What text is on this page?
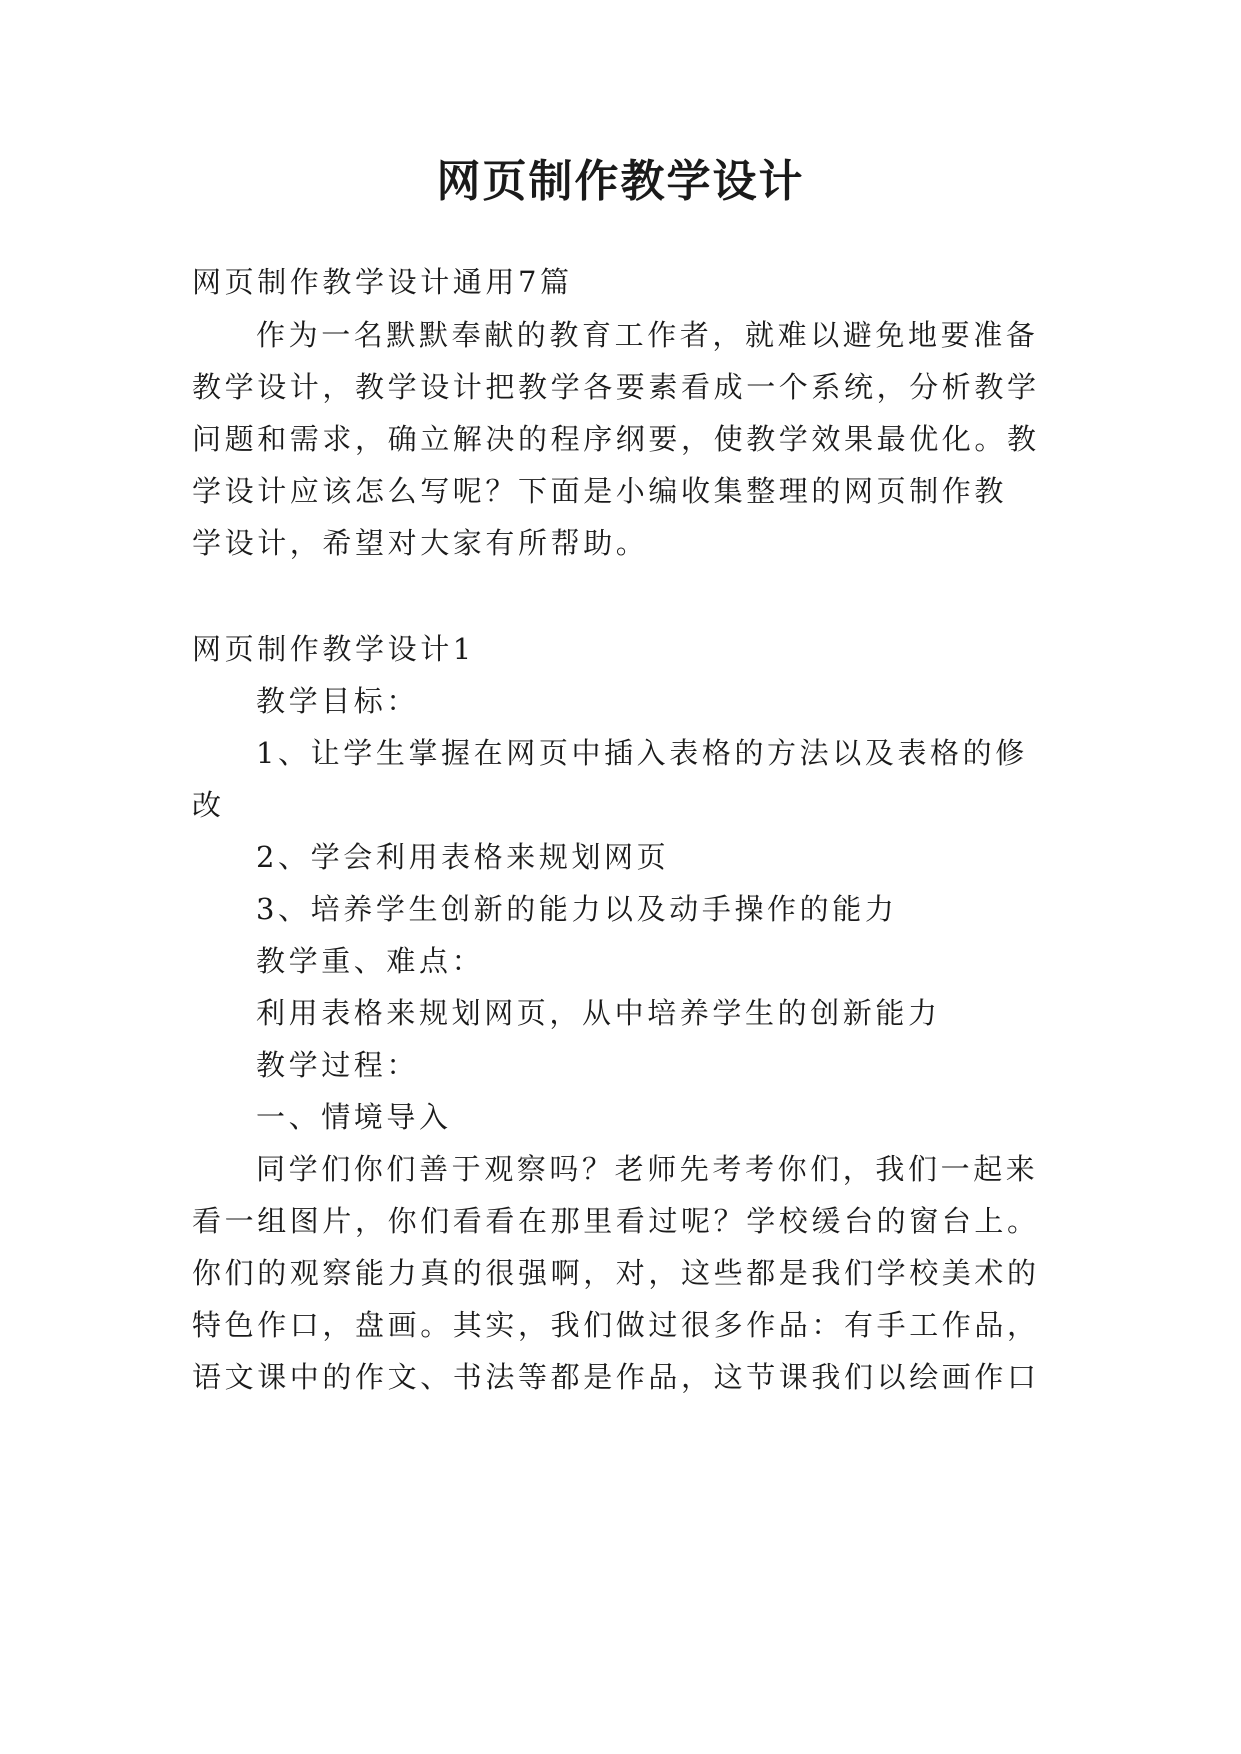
网页制作教学设计
网页制作教学设计通用7篇
作为一名默默奉献的教育工作者，就难以避免地要准备
教学设计，教学设计把教学各要素看成一个系统，分析教学
问题和需求，确立解决的程序纲要，使教学效果最优化。教
学设计应该怎么写呢？下面是小编收集整理的网页制作教
学设计，希望对大家有所帮助。
网页制作教学设计1
教学目标：
1、让学生掌握在网页中插入表格的方法以及表格的修
改
2、学会利用表格来规划网页
3、培养学生创新的能力以及动手操作的能力
教学重、难点：
利用表格来规划网页，从中培养学生的创新能力
教学过程：
一、情境导入
同学们你们善于观察吗？老师先考考你们，我们一起来
看一组图片，你们看看在那里看过呢？学校缓台的窗台上。
你们的观察能力真的很强啊，对，这些都是我们学校美术的
特色作口，盘画。其实，我们做过很多作品：有手工作品，
语文课中的作文、书法等都是作品，这节课我们以绘画作口
